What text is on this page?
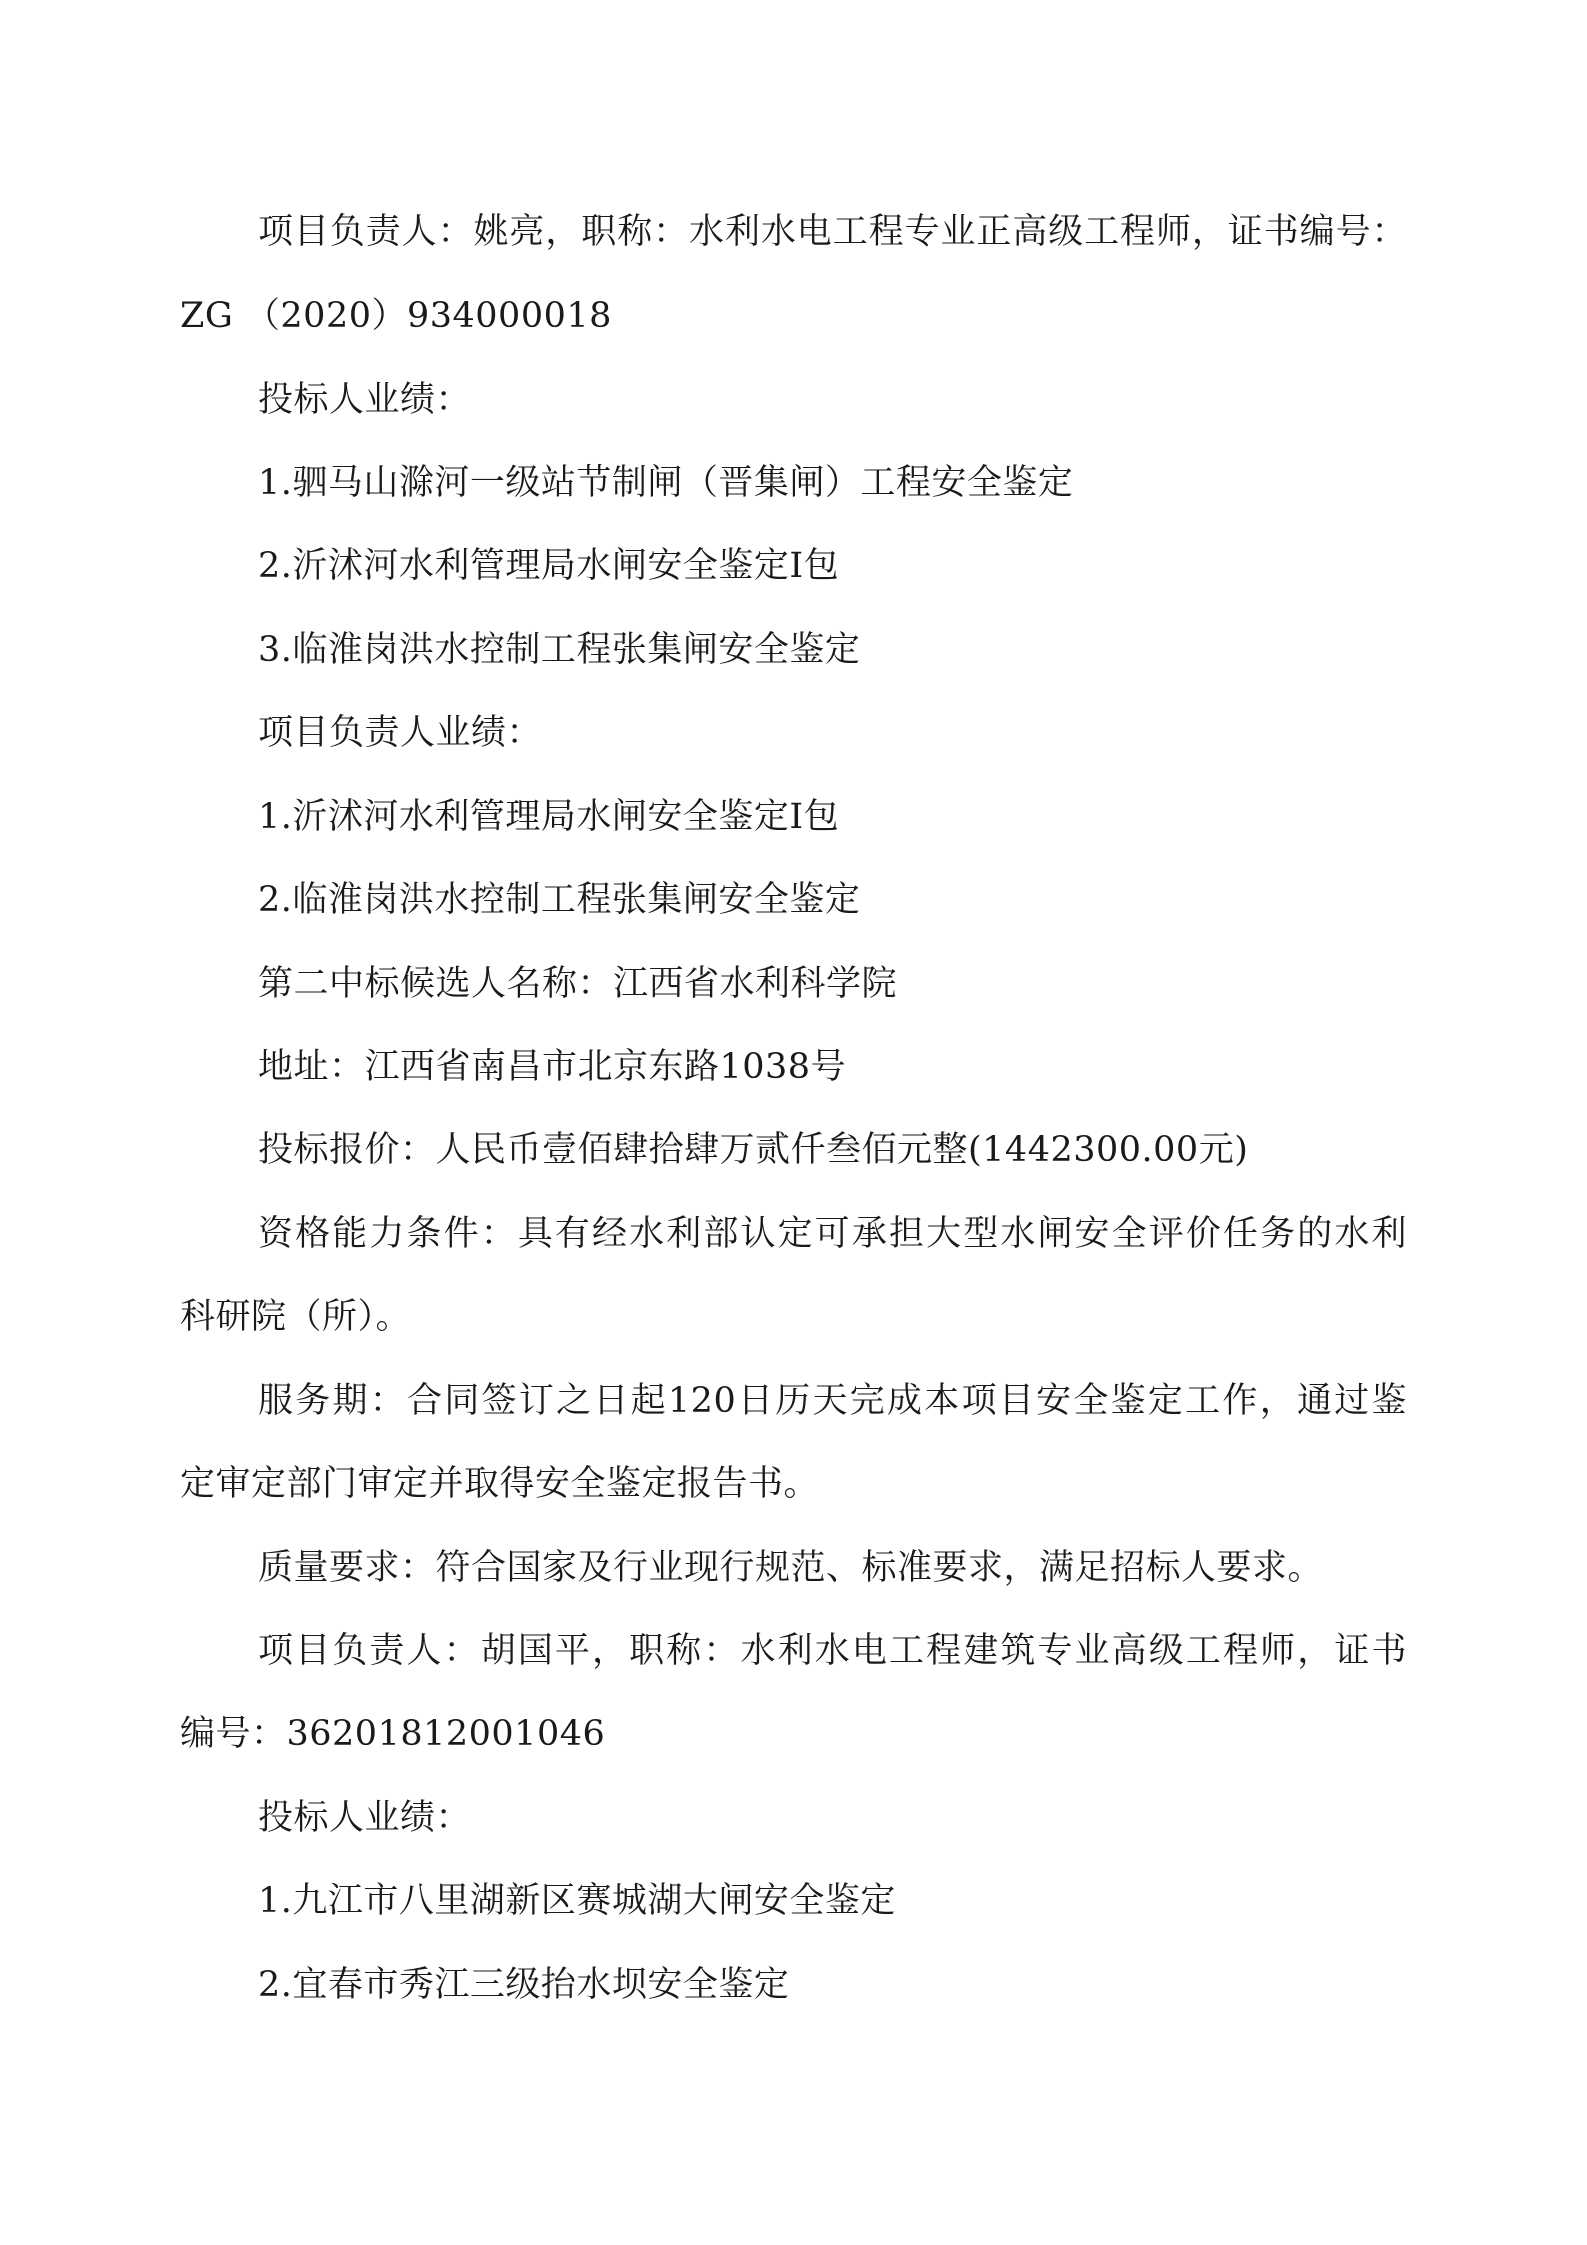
项目负责人：姚亮，职称：水利水电工程专业正高级工程师，证书编号：
ZG （2020）934000018
投标人业绩：
1.驷马山滁河一级站节制闸（晋集闸）工程安全鉴定
2.沂沭河水利管理局水闸安全鉴定Ⅰ包
3.临淮岗洪水控制工程张集闸安全鉴定
项目负责人业绩：
1.沂沭河水利管理局水闸安全鉴定Ⅰ包
2.临淮岗洪水控制工程张集闸安全鉴定
第二中标候选人名称：江西省水利科学院
地址：江西省南昌市北京东路1038号
投标报价：人民币壹佰肆拾肆万贰仟叁佰元整(1442300.00元)
资格能力条件：具有经水利部认定可承担大型水闸安全评价任务的水利
科研院（所）。
服务期：合同签订之日起120日历天完成本项目安全鉴定工作，通过鉴
定审定部门审定并取得安全鉴定报告书。
质量要求：符合国家及行业现行规范、标准要求，满足招标人要求。
项目负责人：胡国平，职称：水利水电工程建筑专业高级工程师，证书
编号：36201812001046
投标人业绩：
1.九江市八里湖新区赛城湖大闸安全鉴定
2.宜春市秀江三级抬水坝安全鉴定
